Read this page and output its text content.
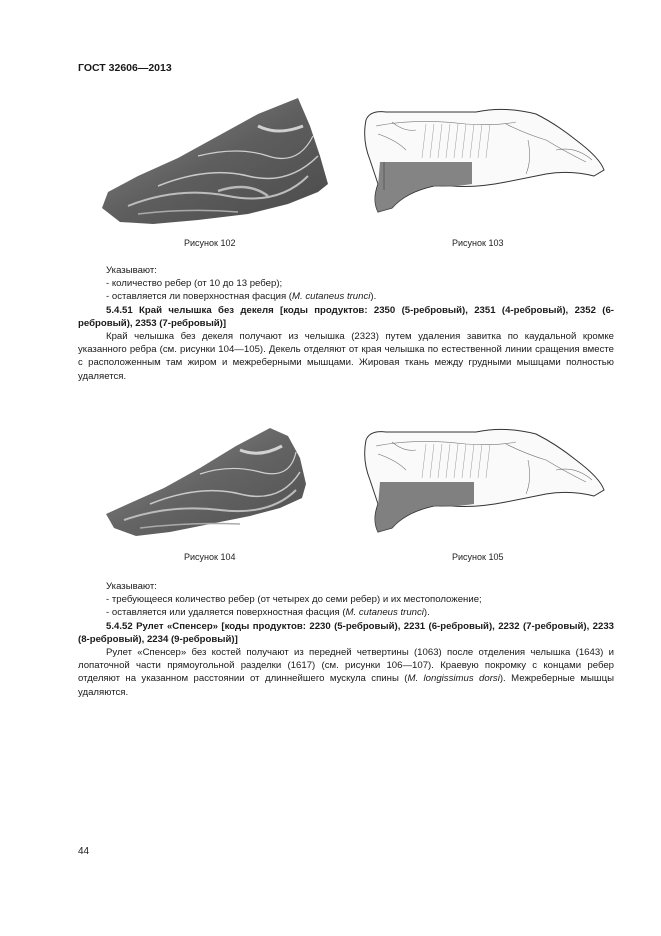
ГОСТ 32606—2013
Рисунок 102	Рисунок 103

Указывают:

- количество ребер (от 10 до 13 ребер);

- оставляется ли поверхностная фасция (M. cutaneus trunci).

5.4.51 Край челышка без декеля [коды продуктов: 2350 (5-ребровый), 2351 (4-ребровый), 2352 (6-ребровый), 2353 (7-ребровый)]

Край челышка без декеля получают из челышка (2323) путем удаления завитка по каудальной кромке указанного ребра (см. рисунки 104—105). Декель отделяют от края челышка по естественной линии сращения вместе с расположенным там жиром и межреберными мышцами. Жировая ткань между грудными мышцами полностью удаляется.

Рисунок 104	Рисунок 105

Указывают:

- требующееся количество ребер (от четырех до семи ребер) и их местоположение;

- оставляется или удаляется поверхностная фасция (M. cutaneus trunci).

5.4.52 Рулет «Спенсер» [коды продуктов: 2230 (5-ребровый), 2231 (6-ребровый), 2232 (7-ребровый), 2233 (8-ребровый), 2234 (9-ребровый)]

Рулет «Спенсер» без костей получают из передней четвертины (1063) после отделения челышка (1643) и лопаточной части прямоугольной разделки (1617) (см. рисунки 106—107). Краевую покромку с концами ребер отделяют на указанном расстоянии от длиннейшего мускула спины (M. longissimus dorsi). Межреберные мышцы удаляются.

44
